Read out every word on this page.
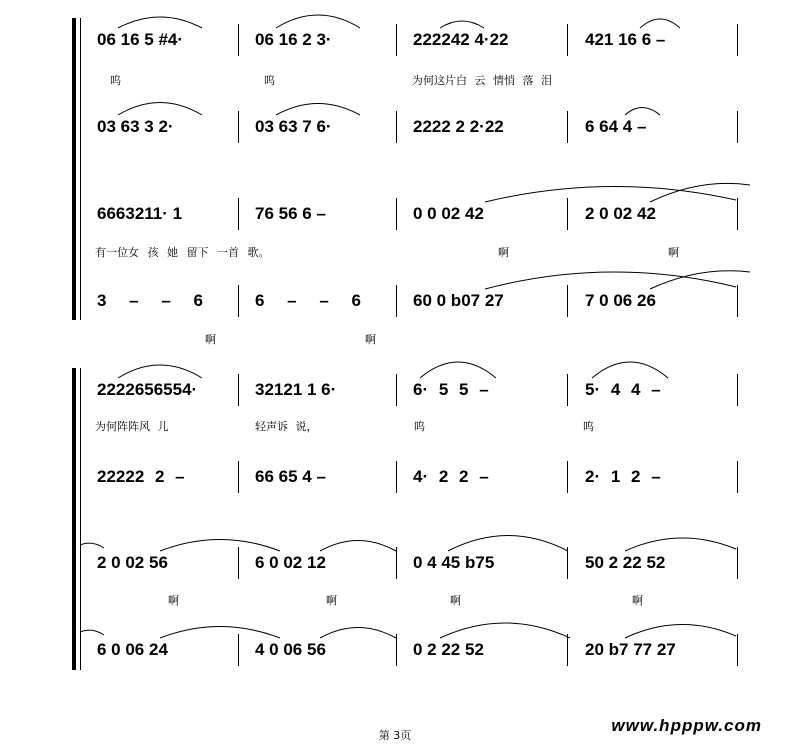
06 16 5 #4·	06 16 2 3·	222242 4·22	421 16 6 –
呜	呜	为何这片白 云 情悄 落 泪
03 63 3 2·	03 63 7 6·	2222 2 2·22	6 64 4 –
6663211· 1	76 56 6 –	0 0 02 42	2 0 02 42
有一位女 孩 她 留下 一首 歌。	啊	啊
3 – – 6	6 – – 6	60 0 b07 27	7 0 06 26
啊	啊
2222656554·	32121 1 6·	6· 5 5 –	5· 4 4 –
为何阵阵风 儿	轻声诉 说，	呜	呜
22222 2 –	66 65 4 –	4· 2 2 –	2· 1 2 –
2 0 02 56	6 0 02 12	0 4 45 b75	50 2 22 52
啊	啊	啊	啊
6 0 06 24	4 0 06 56	0 2 22 52	20 b7 77 27
第 3页
www.hpppw.com
